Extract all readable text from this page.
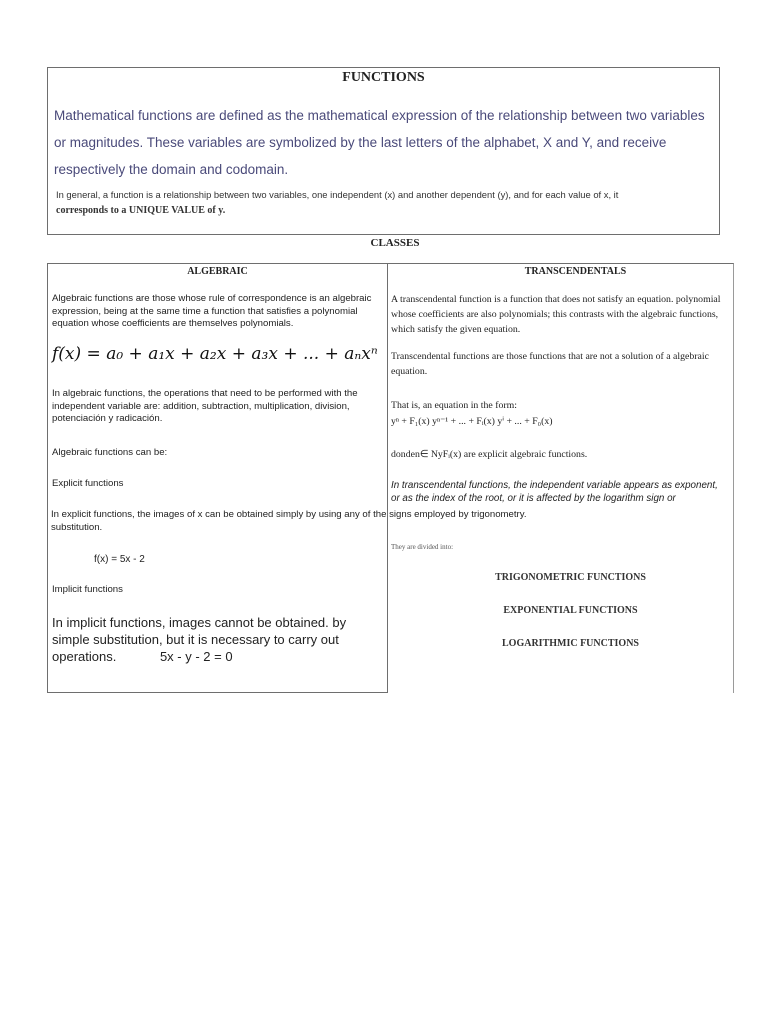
FUNCTIONS
Mathematical functions are defined as the mathematical expression of the relationship between two variables or magnitudes. These variables are symbolized by the last letters of the alphabet, X and Y, and receive respectively the domain and codomain.
In general, a function is a relationship between two variables, one independent (x) and another dependent (y), and for each value of x, it
corresponds to a UNIQUE VALUE of y.
CLASSES
ALGEBRAIC
Algebraic functions are those whose rule of correspondence is an algebraic expression, being at the same time a function that satisfies a polynomial equation whose coefficients are themselves polynomials.
f(x) = a₀ + a₁x + a₂x + a₃x + ... + aₙxⁿ
In algebraic functions, the operations that need to be performed with the independent variable are: addition, subtraction, multiplication, division, potenciación y radicación.
Algebraic functions can be:
Explicit functions
f(x) = 5x - 2
Implicit functions
In implicit functions, images cannot be obtained. by simple substitution, but it is necessary to carry out operations.	5x - y - 2 = 0
In explicit functions, the images of x can be obtained simply by using any of the signs employed by trigonometry. substitution.
TRANSCENDENTALS
A transcendental function is a function that does not satisfy an equation. polynomial whose coefficients are also polynomials; this contrasts with the algebraic functions, which satisfy the given equation.
Transcendental functions are those functions that are not a solution of a algebraic equation.
That is, an equation in the form:
yⁿ + F₁(x) yⁿ⁻¹ + ... + Fᵢ(x) yⁱ + ... + F₀(x)
donden∈ NyFᵢ(x) are explicit algebraic functions.
In transcendental functions, the independent variable appears as exponent, or as the index of the root, or it is affected by the logarithm sign or
They are divided into:
TRIGONOMETRIC FUNCTIONS
EXPONENTIAL FUNCTIONS
LOGARITHMIC FUNCTIONS
